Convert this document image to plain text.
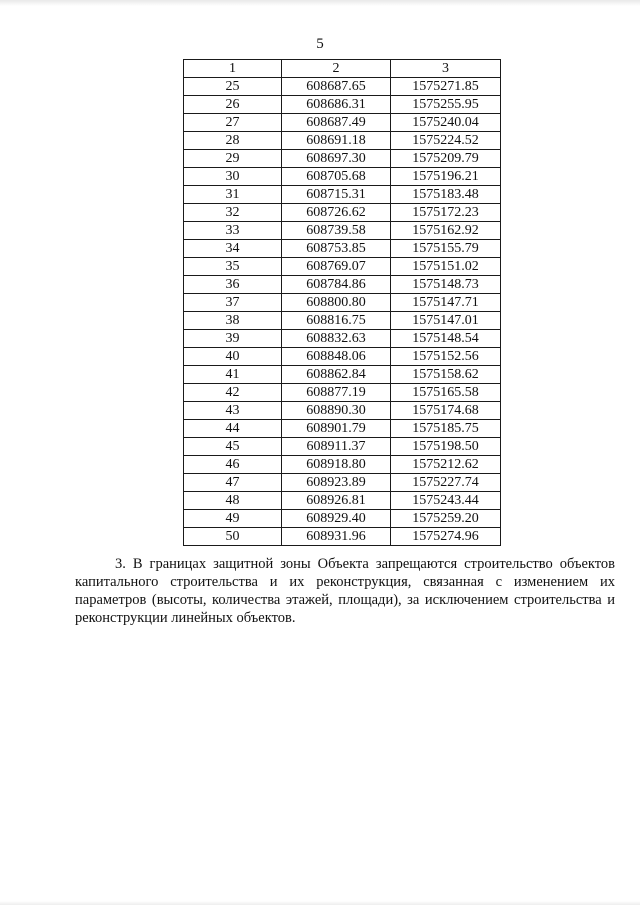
5
1	2	3
25	608687.65	1575271.85
26	608686.31	1575255.95
27	608687.49	1575240.04
28	608691.18	1575224.52
29	608697.30	1575209.79
30	608705.68	1575196.21
31	608715.31	1575183.48
32	608726.62	1575172.23
33	608739.58	1575162.92
34	608753.85	1575155.79
35	608769.07	1575151.02
36	608784.86	1575148.73
37	608800.80	1575147.71
38	608816.75	1575147.01
39	608832.63	1575148.54
40	608848.06	1575152.56
41	608862.84	1575158.62
42	608877.19	1575165.58
43	608890.30	1575174.68
44	608901.79	1575185.75
45	608911.37	1575198.50
46	608918.80	1575212.62
47	608923.89	1575227.74
48	608926.81	1575243.44
49	608929.40	1575259.20
50	608931.96	1575274.96

3. В границах защитной зоны Объекта запрещаются строительство объектов капитального строительства и их реконструкция, связанная с изменением их параметров (высоты, количества этажей, площади), за исключением строительства и реконструкции линейных объектов.
